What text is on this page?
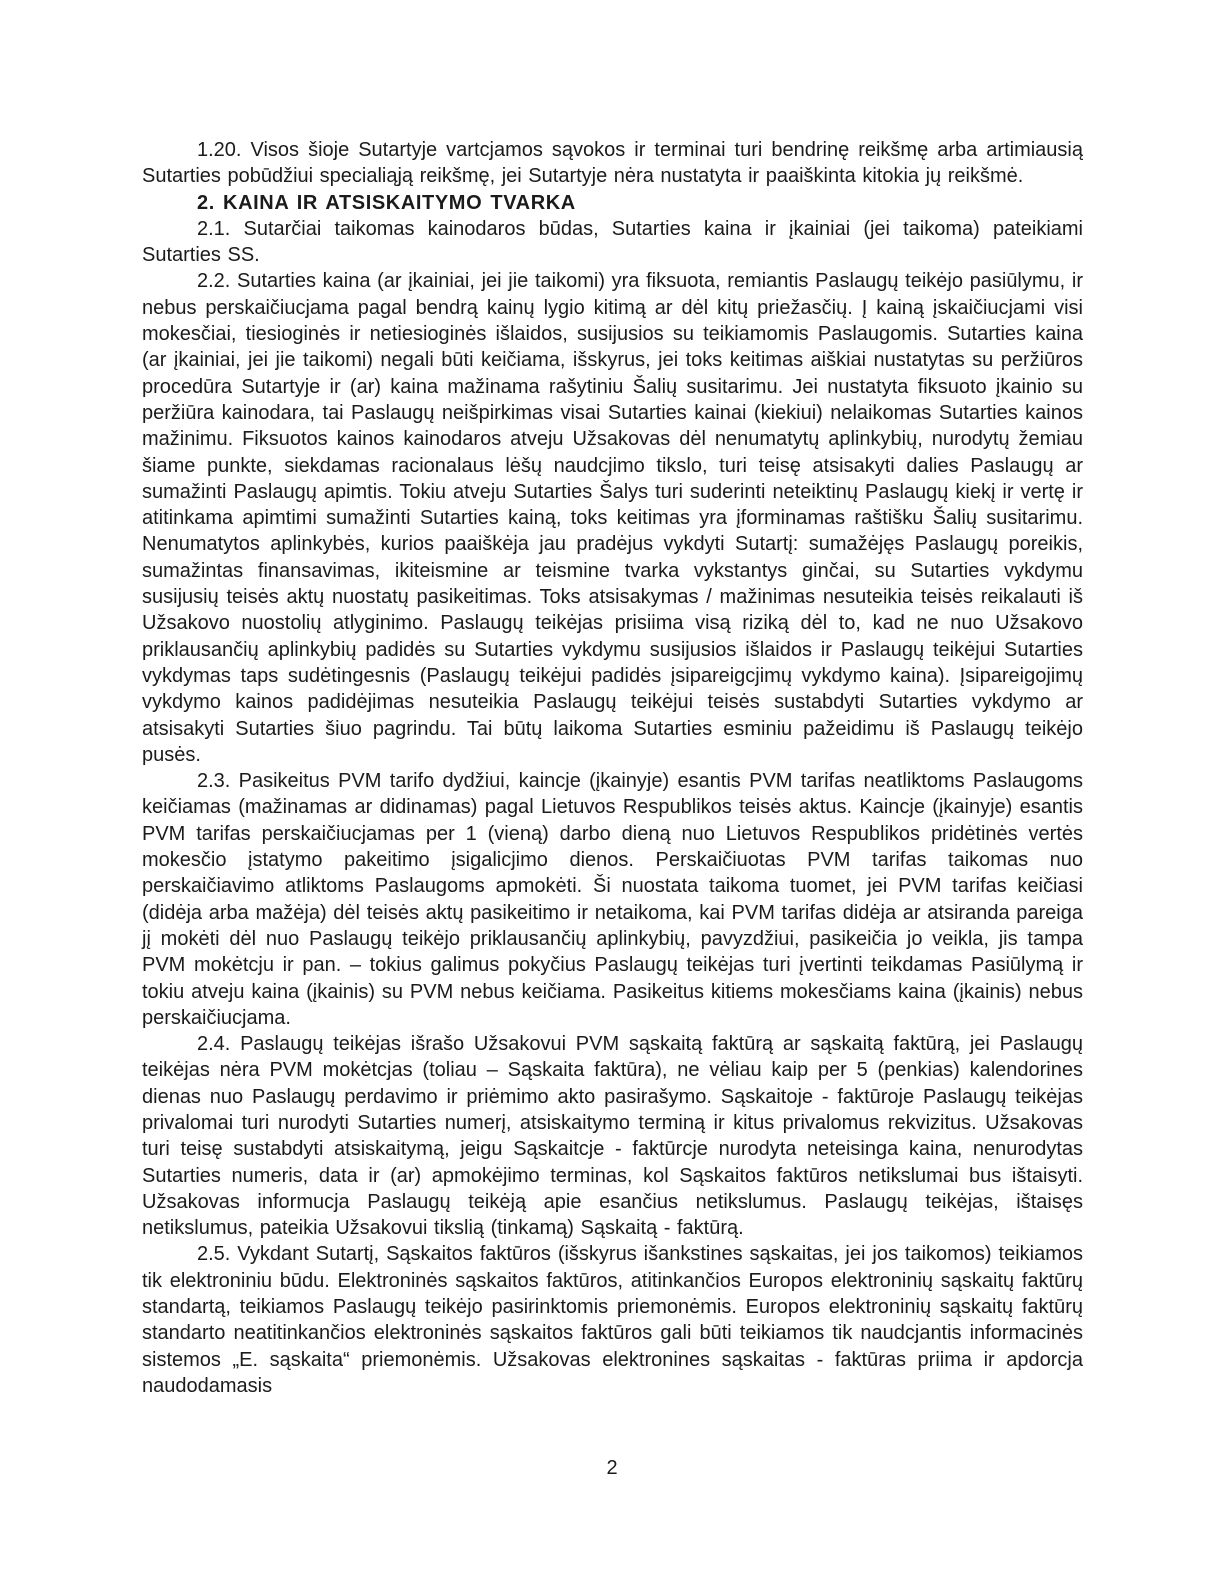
1.20. Visos šioje Sutartyje vartcjamos sąvokos ir terminai turi bendrinę reikšmę arba artimiausią Sutarties pobūdžiui specialiąją reikšmę, jei Sutartyje nėra nustatyta ir paaiškinta kitokia jų reikšmė.

2. KAINA IR ATSISKAITYMO TVARKA

2.1. Sutarčiai taikomas kainodaros būdas, Sutarties kaina ir įkainiai (jei taikoma) pateikiami Sutarties SS.

2.2. Sutarties kaina (ar įkainiai, jei jie taikomi) yra fiksuota, remiantis Paslaugų teikėjo pasiūlymu, ir nebus perskaičiucjama pagal bendrą kainų lygio kitimą ar dėl kitų priežasčių. Į kainą įskaičiucjami visi mokesčiai, tiesioginės ir netiesioginės išlaidos, susijusios su teikiamomis Paslaugomis. Sutarties kaina (ar įkainiai, jei jie taikomi) negali būti keičiama, išskyrus, jei toks keitimas aiškiai nustatytas su peržiūros procedūra Sutartyje ir (ar) kaina mažinama rašytiniu Šalių susitarimu. Jei nustatyta fiksuoto įkainio su peržiūra kainodara, tai Paslaugų neišpirkimas visai Sutarties kainai (kiekiui) nelaikomas Sutarties kainos mažinimu. Fiksuotos kainos kainodaros atveju Užsakovas dėl nenumatytų aplinkybių, nurodytų žemiau šiame punkte, siekdamas racionalaus lėšų naudcjimo tikslo, turi teisę atsisakyti dalies Paslaugų ar sumažinti Paslaugų apimtis. Tokiu atveju Sutarties Šalys turi suderinti neteiktinų Paslaugų kiekį ir vertę ir atitinkama apimtimi sumažinti Sutarties kainą, toks keitimas yra įforminamas raštišku Šalių susitarimu. Nenumatytos aplinkybės, kurios paaiškėja jau pradėjus vykdyti Sutartį: sumažėjęs Paslaugų poreikis, sumažintas finansavimas, ikiteismine ar teismine tvarka vykstantys ginčai, su Sutarties vykdymu susijusių teisės aktų nuostatų pasikeitimas. Toks atsisakymas / mažinimas nesuteikia teisės reikalauti iš Užsakovo nuostolių atlyginimo. Paslaugų teikėjas prisiima visą riziką dėl to, kad ne nuo Užsakovo priklausančių aplinkybių padidės su Sutarties vykdymu susijusios išlaidos ir Paslaugų teikėjui Sutarties vykdymas taps sudėtingesnis (Paslaugų teikėjui padidės įsipareigcjimų vykdymo kaina). Įsipareigojimų vykdymo kainos padidėjimas nesuteikia Paslaugų teikėjui teisės sustabdyti Sutarties vykdymo ar atsisakyti Sutarties šiuo pagrindu. Tai būtų laikoma Sutarties esminiu pažeidimu iš Paslaugų teikėjo pusės.

2.3. Pasikeitus PVM tarifo dydžiui, kaincje (įkainyje) esantis PVM tarifas neatliktoms Paslaugoms keičiamas (mažinamas ar didinamas) pagal Lietuvos Respublikos teisės aktus. Kaincje (įkainyje) esantis PVM tarifas perskaičiucjamas per 1 (vieną) darbo dieną nuo Lietuvos Respublikos pridėtinės vertės mokesčio įstatymo pakeitimo įsigalicjimo dienos. Perskaičiuotas PVM tarifas taikomas nuo perskaičiavimo atliktoms Paslaugoms apmokėti. Ši nuostata taikoma tuomet, jei PVM tarifas keičiasi (didėja arba mažėja) dėl teisės aktų pasikeitimo ir netaikoma, kai PVM tarifas didėja ar atsiranda pareiga jį mokėti dėl nuo Paslaugų teikėjo priklausančių aplinkybių, pavyzdžiui, pasikeičia jo veikla, jis tampa PVM mokėtcju ir pan. – tokius galimus pokyčius Paslaugų teikėjas turi įvertinti teikdamas Pasiūlymą ir tokiu atveju kaina (įkainis) su PVM nebus keičiama. Pasikeitus kitiems mokesčiams kaina (įkainis) nebus perskaičiucjama.

2.4. Paslaugų teikėjas išrašo Užsakovui PVM sąskaitą faktūrą ar sąskaitą faktūrą, jei Paslaugų teikėjas nėra PVM mokėtcjas (toliau – Sąskaita faktūra), ne vėliau kaip per 5 (penkias) kalendorines dienas nuo Paslaugų perdavimo ir priėmimo akto pasirašymo. Sąskaitoje - faktūroje Paslaugų teikėjas privalomai turi nurodyti Sutarties numerį, atsiskaitymo terminą ir kitus privalomus rekvizitus. Užsakovas turi teisę sustabdyti atsiskaitymą, jeigu Sąskaitcje - faktūrcje nurodyta neteisinga kaina, nenurodytas Sutarties numeris, data ir (ar) apmokėjimo terminas, kol Sąskaitos faktūros netikslumai bus ištaisyti. Užsakovas informucja Paslaugų teikėją apie esančius netikslumus. Paslaugų teikėjas, ištaisęs netikslumus, pateikia Užsakovui tikslią (tinkamą) Sąskaitą - faktūrą.

2.5. Vykdant Sutartį, Sąskaitos faktūros (išskyrus išankstines sąskaitas, jei jos taikomos) teikiamos tik elektroniniu būdu. Elektroninės sąskaitos faktūros, atitinkančios Europos elektroninių sąskaitų faktūrų standartą, teikiamos Paslaugų teikėjo pasirinktomis priemonėmis. Europos elektroninių sąskaitų faktūrų standarto neatitinkančios elektroninės sąskaitos faktūros gali būti teikiamos tik naudcjantis informacinės sistemos „E. sąskaita“ priemonėmis. Užsakovas elektronines sąskaitas - faktūras priima ir apdorcja naudodamasis

2
